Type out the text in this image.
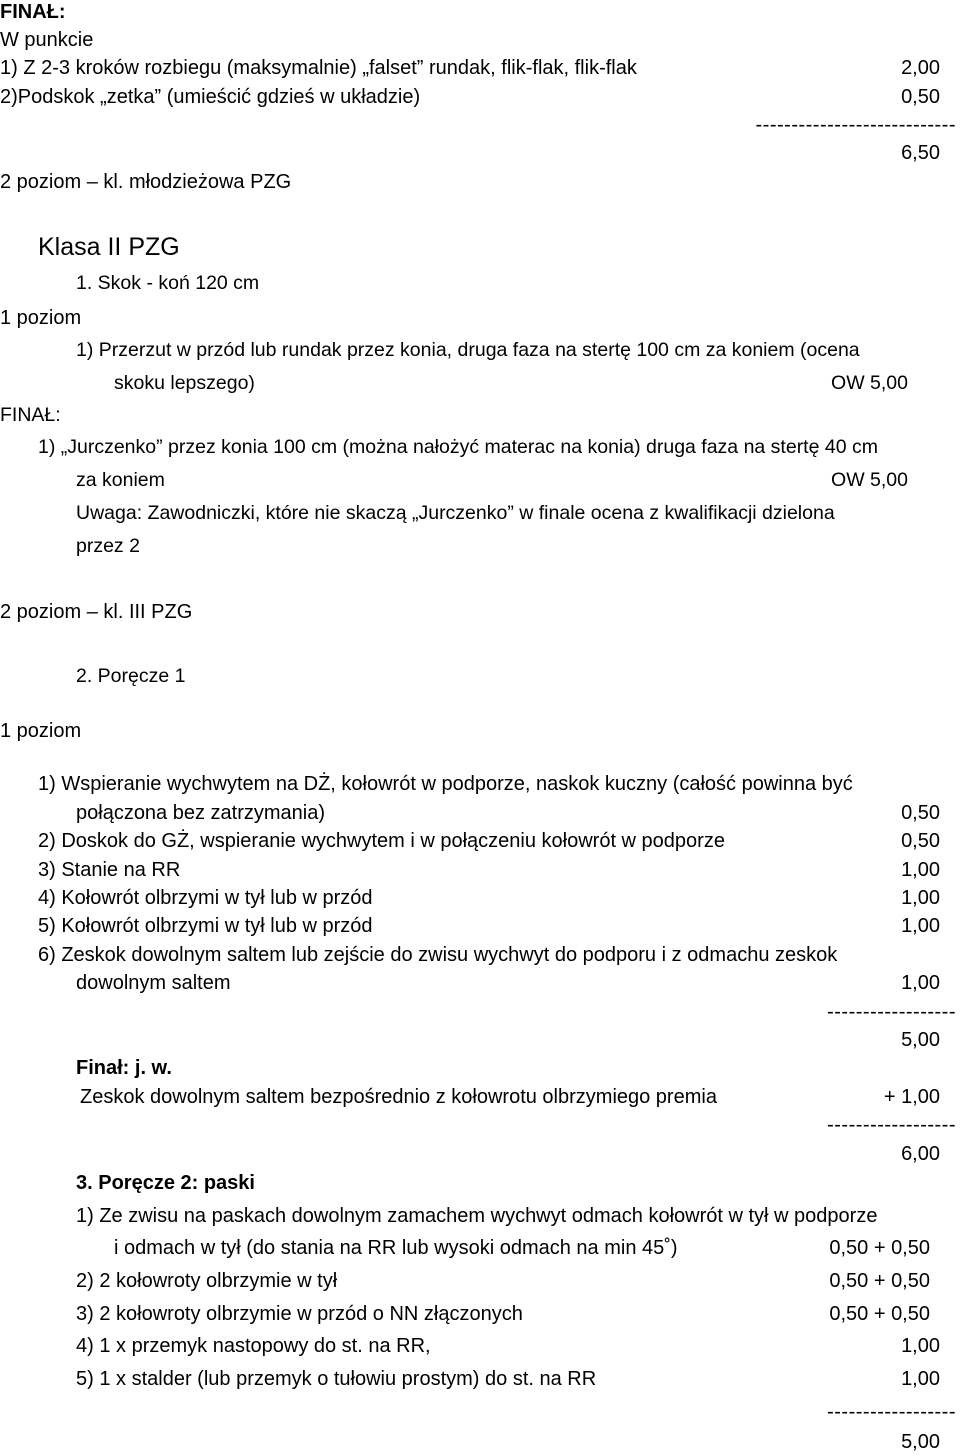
FINAŁ:
W punkcie
1) Z 2-3 kroków rozbiegu (maksymalnie) „falset” rundak, flik-flak, flik-flak	2,00
2)Podskok „zetka” (umieścić gdzieś w układzie)	0,50
----------------------------
6,50
2 poziom – kl. młodzieżowa PZG
Klasa II PZG
1. Skok - koń 120 cm
1 poziom
1) Przerzut w przód lub rundak przez konia, druga faza na stertę 100 cm za koniem (ocena
skoku lepszego)	OW 5,00
FINAŁ:
1) „Jurczenko” przez konia 100 cm (można nałożyć materac na konia) druga faza na stertę 40 cm
za koniem	OW 5,00
Uwaga: Zawodniczki, które nie skaczą „Jurczenko” w finale ocena z kwalifikacji dzielona
przez 2
2 poziom – kl. III PZG
2. Poręcze 1
1 poziom
1) Wspieranie wychwytem na DŻ, kołowrót w podporze, naskok kuczny (całość powinna być
połączona bez zatrzymania)	0,50
2) Doskok do GŻ, wspieranie wychwytem i w połączeniu kołowrót w podporze	0,50
3) Stanie na RR	1,00
4) Kołowrót olbrzymi w tył lub w przód	1,00
5) Kołowrót olbrzymi w tył lub w przód	1,00
6) Zeskok dowolnym saltem lub zejście do zwisu wychwyt do podporu i z odmachu zeskok
dowolnym saltem	1,00
------------------
5,00
Finał: j. w.
Zeskok dowolnym saltem bezpośrednio z kołowrotu olbrzymiego premia	+ 1,00
------------------
6,00
3. Poręcze 2: paski
1) Ze zwisu na paskach dowolnym zamachem wychwyt odmach kołowrót w tył w podporze
i odmach w tył (do stania na RR lub wysoki odmach na min 45˚)	0,50 + 0,50
2) 2 kołowroty olbrzymie w tył	0,50 + 0,50
3) 2 kołowroty olbrzymie w przód o NN złączonych	0,50 + 0,50
4) 1 x przemyk nastopowy do st. na RR,	1,00
5) 1 x stalder (lub przemyk o tułowiu prostym) do st. na RR	1,00
------------------
5,00
